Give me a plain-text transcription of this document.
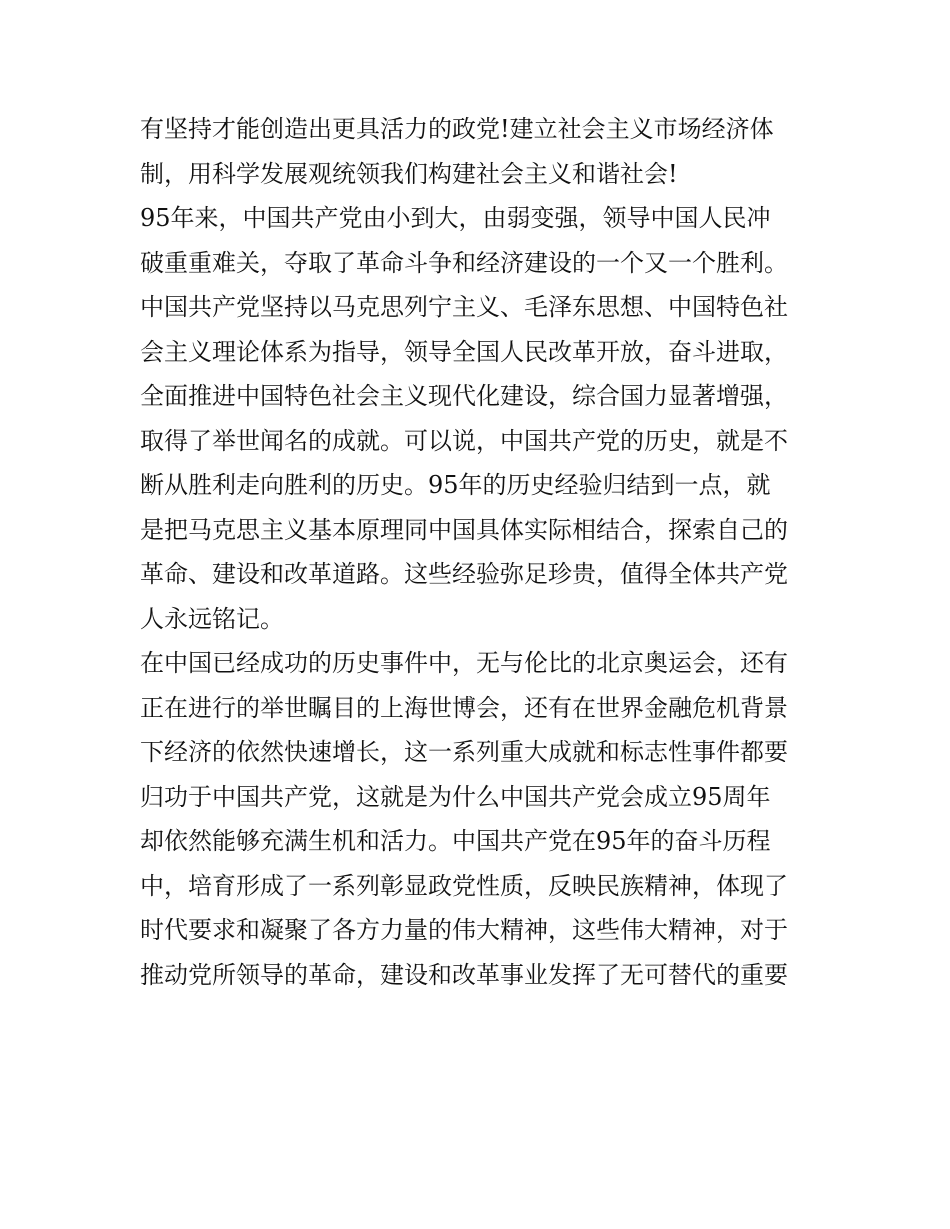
有坚持才能创造出更具活力的政党!建立社会主义市场经济体
制，用科学发展观统领我们构建社会主义和谐社会!
95年来，中国共产党由小到大，由弱变强，领导中国人民冲
破重重难关，夺取了革命斗争和经济建设的一个又一个胜利。
中国共产党坚持以马克思列宁主义、毛泽东思想、中国特色社
会主义理论体系为指导，领导全国人民改革开放，奋斗进取，
全面推进中国特色社会主义现代化建设，综合国力显著增强，
取得了举世闻名的成就。可以说，中国共产党的历史，就是不
断从胜利走向胜利的历史。95年的历史经验归结到一点，就
是把马克思主义基本原理同中国具体实际相结合，探索自己的
革命、建设和改革道路。这些经验弥足珍贵，值得全体共产党
人永远铭记。
在中国已经成功的历史事件中，无与伦比的北京奥运会，还有
正在进行的举世瞩目的上海世博会，还有在世界金融危机背景
下经济的依然快速增长，这一系列重大成就和标志性事件都要
归功于中国共产党，这就是为什么中国共产党会成立95周年
却依然能够充满生机和活力。中国共产党在95年的奋斗历程
中，培育形成了一系列彰显政党性质，反映民族精神，体现了
时代要求和凝聚了各方力量的伟大精神，这些伟大精神，对于
推动党所领导的革命，建设和改革事业发挥了无可替代的重要
